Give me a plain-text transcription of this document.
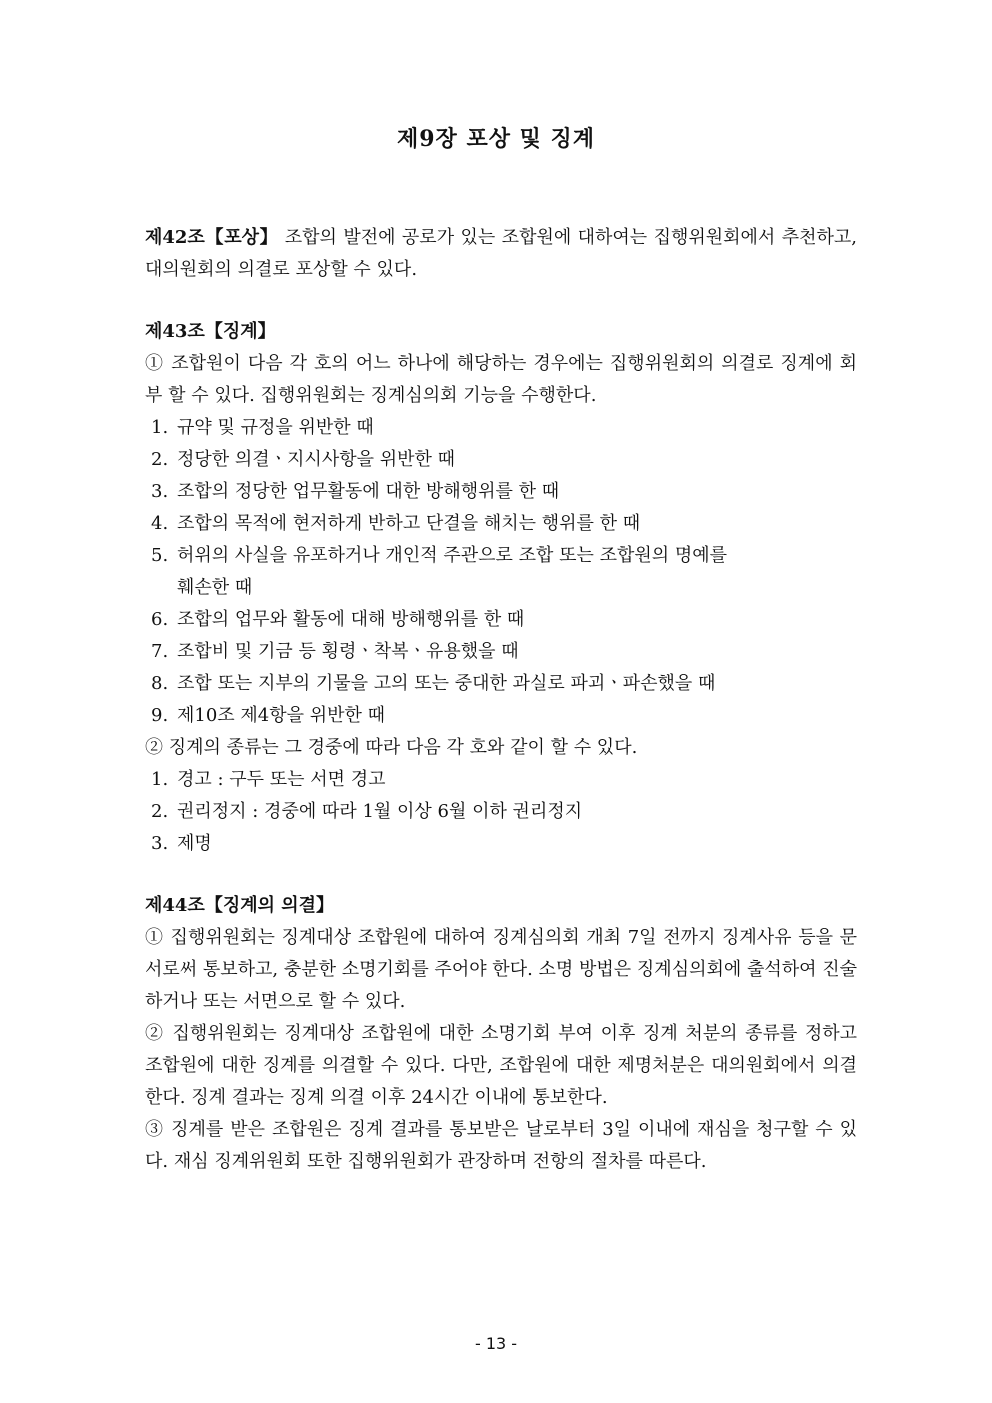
제9장 포상 및 징계
제42조【포상】 조합의 발전에 공로가 있는 조합원에 대하여는 집행위원회에서 추천하고, 대의원회의 의결로 포상할 수 있다.
제43조【징계】
① 조합원이 다음 각 호의 어느 하나에 해당하는 경우에는 집행위원회의 의결로 징계에 회부 할 수 있다. 집행위원회는 징계심의회 기능을 수행한다.
1. 규약 및 규정을 위반한 때
2. 정당한 의결ㆍ지시사항을 위반한 때
3. 조합의 정당한 업무활동에 대한 방해행위를 한 때
4. 조합의 목적에 현저하게 반하고 단결을 해치는 행위를 한 때
5. 허위의 사실을 유포하거나 개인적 주관으로 조합 또는 조합원의 명예를
훼손한 때
6. 조합의 업무와 활동에 대해 방해행위를 한 때
7. 조합비 및 기금 등 횡령ㆍ착복ㆍ유용했을 때
8. 조합 또는 지부의 기물을 고의 또는 중대한 과실로 파괴ㆍ파손했을 때
9. 제10조 제4항을 위반한 때
② 징계의 종류는 그 경중에 따라 다음 각 호와 같이 할 수 있다.
1. 경고 : 구두 또는 서면 경고
2. 권리정지 : 경중에 따라 1월 이상 6월 이하 권리정지
3. 제명
제44조【징계의 의결】
① 집행위원회는 징계대상 조합원에 대하여 징계심의회 개최 7일 전까지 징계사유 등을 문서로써 통보하고, 충분한 소명기회를 주어야 한다. 소명 방법은 징계심의회에 출석하여 진술하거나 또는 서면으로 할 수 있다.
② 집행위원회는 징계대상 조합원에 대한 소명기회 부여 이후 징계 처분의 종류를 정하고 조합원에 대한 징계를 의결할 수 있다. 다만, 조합원에 대한 제명처분은 대의원회에서 의결한다. 징계 결과는 징계 의결 이후 24시간 이내에 통보한다.
③ 징계를 받은 조합원은 징계 결과를 통보받은 날로부터 3일 이내에 재심을 청구할 수 있다. 재심 징계위원회 또한 집행위원회가 관장하며 전항의 절차를 따른다.
- 13 -
